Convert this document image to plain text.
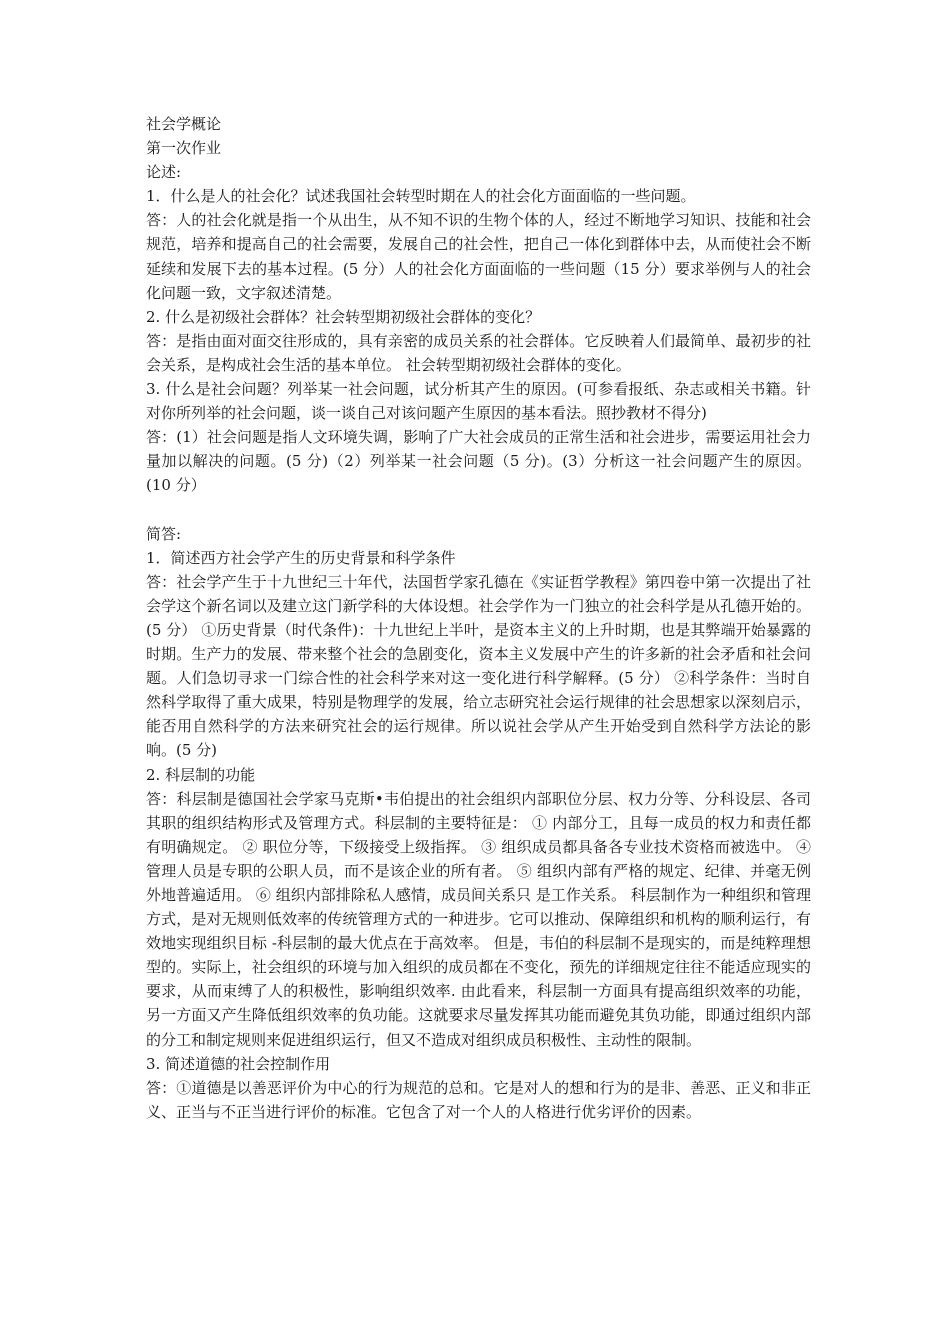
社会学概论
第一次作业
论述:
1．什么是人的社会化？试述我国社会转型时期在人的社会化方面面临的一些问题。
答：人的社会化就是指一个从出生，从不知不识的生物个体的人，经过不断地学习知识、技能和社会规范，培养和提高自己的社会需要，发展自己的社会性，把自己一体化到群体中去，从而使社会不断延续和发展下去的基本过程。(5 分）人的社会化方面面临的一些问题（15 分）要求举例与人的社会化问题一致，文字叙述清楚。
2. 什么是初级社会群体？社会转型期初级社会群体的变化？
答：是指由面对面交往形成的，具有亲密的成员关系的社会群体。它反映着人们最简单、最初步的社会关系，是构成社会生活的基本单位。 社会转型期初级社会群体的变化。
3. 什么是社会问题？列举某一社会问题，试分析其产生的原因。(可参看报纸、杂志或相关书籍。针对你所列举的社会问题，谈一谈自己对该问题产生原因的基本看法。照抄教材不得分)
答：(1）社会问题是指人文环境失调，影响了广大社会成员的正常生活和社会进步，需要运用社会力量加以解决的问题。(5 分)（2）列举某一社会问题（5 分)。(3）分析这一社会问题产生的原因。(10 分）
简答:
1．简述西方社会学产生的历史背景和科学条件
答：社会学产生于十九世纪三十年代，法国哲学家孔德在《实证哲学教程》第四卷中第一次提出了社会学这个新名词以及建立这门新学科的大体设想。社会学作为一门独立的社会科学是从孔德开始的。(5 分） ①历史背景（时代条件)：十九世纪上半叶，是资本主义的上升时期，也是其弊端开始暴露的时期。生产力的发展、带来整个社会的急剧变化，资本主义发展中产生的许多新的社会矛盾和社会问题。人们急切寻求一门综合性的社会科学来对这一变化进行科学解释。(5 分） ②科学条件：当时自然科学取得了重大成果，特别是物理学的发展，给立志研究社会运行规律的社会思想家以深刻启示，能否用自然科学的方法来研究社会的运行规律。所以说社会学从产生开始受到自然科学方法论的影响。(5 分)
2. 科层制的功能
答：科层制是德国社会学家马克斯•韦伯提出的社会组织内部职位分层、权力分等、分科设层、各司其职的组织结构形式及管理方式。科层制的主要特征是： ① 内部分工，且每一成员的权力和责任都有明确规定。 ② 职位分等，下级接受上级指挥。 ③ 组织成员都具备各专业技术资格而被选中。 ④ 管理人员是专职的公职人员，而不是该企业的所有者。 ⑤ 组织内部有严格的规定、纪律、并毫无例外地普遍适用。 ⑥ 组织内部排除私人感情，成员间关系只 是工作关系。 科层制作为一种组织和管理方式，是对无规则低效率的传统管理方式的一种进步。它可以推动、保障组织和机构的顺利运行，有效地实现组织目标 -科层制的最大优点在于高效率。 但是，韦伯的科层制不是现实的，而是纯粹理想型的。实际上，社会组织的环境与加入组织的成员都在不变化，预先的详细规定往往不能适应现实的要求，从而束缚了人的积极性，影响组织效率. 由此看来，科层制一方面具有提高组织效率的功能，另一方面又产生降低组织效率的负功能。这就要求尽量发挥其功能而避免其负功能，即通过组织内部的分工和制定规则来促进组织运行，但又不造成对组织成员积极性、主动性的限制。
3. 简述道德的社会控制作用
答：①道德是以善恶评价为中心的行为规范的总和。它是对人的想和行为的是非、善恶、正义和非正义、正当与不正当进行评价的标准。它包含了对一个人的人格进行优劣评价的因素。
